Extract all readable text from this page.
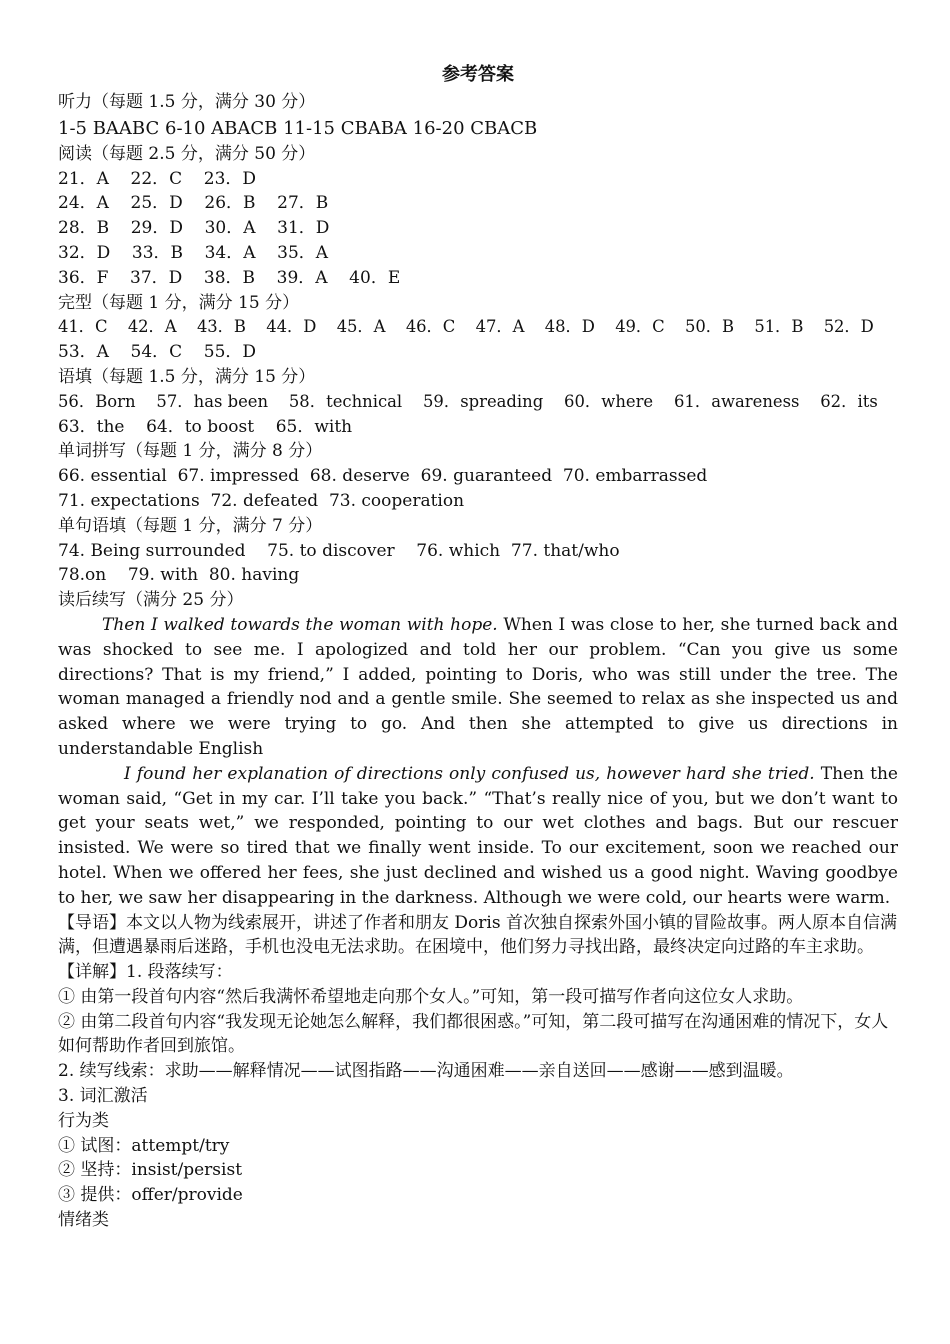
参考答案
听力（每题 1.5 分，满分 30 分）
1-5 BAABC 6-10 ABACB 11-15 CBABA 16-20 CBACB
阅读（每题 2.5 分，满分 50 分）
21．A    22．C    23．D
24．A    25．D    26．B    27．B
28．B    29．D    30．A    31．D
32．D    33．B    34．A    35．A
36．F    37．D    38．B    39．A    40．E
完型（每题 1 分，满分 15 分）
41．C    42．A    43．B    44．D    45．A    46．C    47．A    48．D    49．C    50．B    51．B    52．D
53．A    54．C    55．D
语填（每题 1.5 分，满分 15 分）
56．Born    57．has been    58．technical    59．spreading    60．where    61．awareness    62．its
63．the    64．to boost    65．with
单词拼写（每题 1 分，满分 8 分）
66. essential  67. impressed  68. deserve  69. guaranteed  70. embarrassed
71. expectations  72. defeated  73. cooperation
单句语填（每题 1 分，满分 7 分）
74. Being surrounded    75. to discover    76. which  77. that/who
78.on    79. with  80. having
读后续写（满分 25 分）
Then I walked towards the woman with hope. When I was close to her, she turned back and was shocked to see me. I apologized and told her our problem. “Can you give us some directions? That is my friend,” I added, pointing to Doris, who was still under the tree. The woman managed a friendly nod and a gentle smile. She seemed to relax as she inspected us and asked where we were trying to go. And then she attempted to give us directions in understandable English
I found her explanation of directions only confused us, however hard she tried. Then the woman said, “Get in my car. I’ll take you back.” “That’s really nice of you, but we don’t want to get your seats wet,” we responded, pointing to our wet clothes and bags. But our rescuer insisted. We were so tired that we finally went inside. To our excitement, soon we reached our hotel. When we offered her fees, she just declined and wished us a good night. Waving goodbye to her, we saw her disappearing in the darkness. Although we were cold, our hearts were warm.
【导语】本文以人物为线索展开，讲述了作者和朋友 Doris 首次独自探索外国小镇的冒险故事。两人原本自信满满，但遭遇暴雨后迷路，手机也没电无法求助。在困境中，他们努力寻找出路，最终决定向过路的车主求助。
【详解】1. 段落续写：
① 由第一段首句内容“然后我满怀希望地走向那个女人。”可知，第一段可描写作者向这位女人求助。
② 由第二段首句内容“我发现无论她怎么解释，我们都很困惑。”可知，第二段可描写在沟通困难的情况下，女人如何帮助作者回到旅馆。
2. 续写线索：求助——解释情况——试图指路——沟通困难——亲自送回——感谢——感到温暖。
3. 词汇激活
行为类
① 试图：attempt/try
② 坚持：insist/persist
③ 提供：offer/provide
情绪类
